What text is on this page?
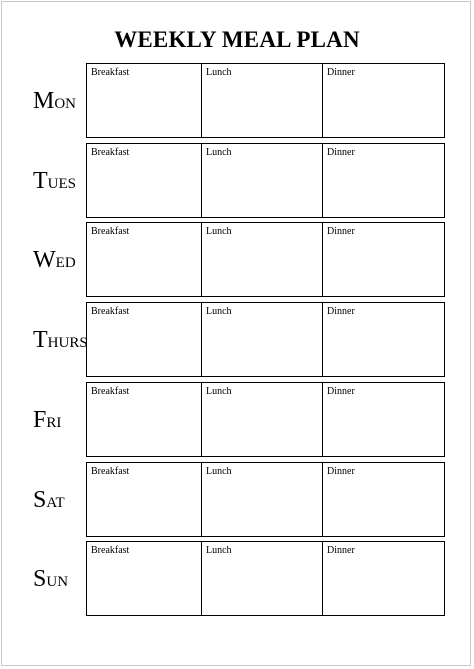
WEEKLY MEAL PLAN
MON
Breakfast	Lunch	Dinner
TUES
Breakfast	Lunch	Dinner
WED
Breakfast	Lunch	Dinner
THURS
Breakfast	Lunch	Dinner
FRI
Breakfast	Lunch	Dinner
SAT
Breakfast	Lunch	Dinner
SUN
Breakfast	Lunch	Dinner
